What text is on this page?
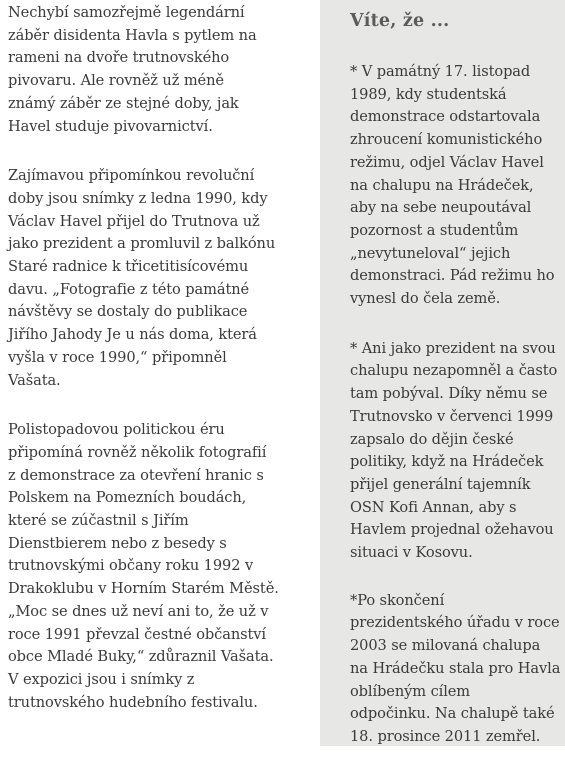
Nechybí samozřejmě legendární
záběr disidenta Havla s pytlem na
rameni na dvoře trutnovského
pivovaru. Ale rovněž už méně
známý záběr ze stejné doby, jak
Havel studuje pivovarnictví.

Zajímavou připomínkou revoluční
doby jsou snímky z ledna 1990, kdy
Václav Havel přijel do Trutnova už
jako prezident a promluvil z balkónu
Staré radnice k třicetitisícovému
davu. „Fotografie z této památné
návštěvy se dostaly do publikace
Jiřího Jahody Je u nás doma, která
vyšla v roce 1990,“ připomněl
Vašata.

Polistopadovou politickou éru
připomíná rovněž několik fotografií
z demonstrace za otevření hranic s
Polskem na Pomezních boudách,
které se zúčastnil s Jiřím
Dienstbierem nebo z besedy s
trutnovskými občany roku 1992 v
Drakoklubu v Horním Starém Městě.
„Moc se dnes už neví ani to, že už v
roce 1991 převzal čestné občanství
obce Mladé Buky,“ zdůraznil Vašata.
V expozici jsou i snímky z
trutnovského hudebního festivalu.

Víte, že ...

* V památný 17. listopad
1989, kdy studentská
demonstrace odstartovala
zhroucení komunistického
režimu, odjel Václav Havel
na chalupu na Hrádeček,
aby na sebe neupoutával
pozornost a studentům
„nevytuneloval“ jejich
demonstraci. Pád režimu ho
vynesl do čela země.

* Ani jako prezident na svou
chalupu nezapomněl a často
tam pobýval. Díky němu se
Trutnovsko v červenci 1999
zapsalo do dějin české
politiky, když na Hrádeček
přijel generální tajemník
OSN Kofi Annan, aby s
Havlem projednal ožehavou
situaci v Kosovu.

*Po skončení
prezidentského úřadu v roce
2003 se milovaná chalupa
na Hrádečku stala pro Havla
oblíbeným cílem
odpočinku. Na chalupě také
18. prosince 2011 zemřel.
